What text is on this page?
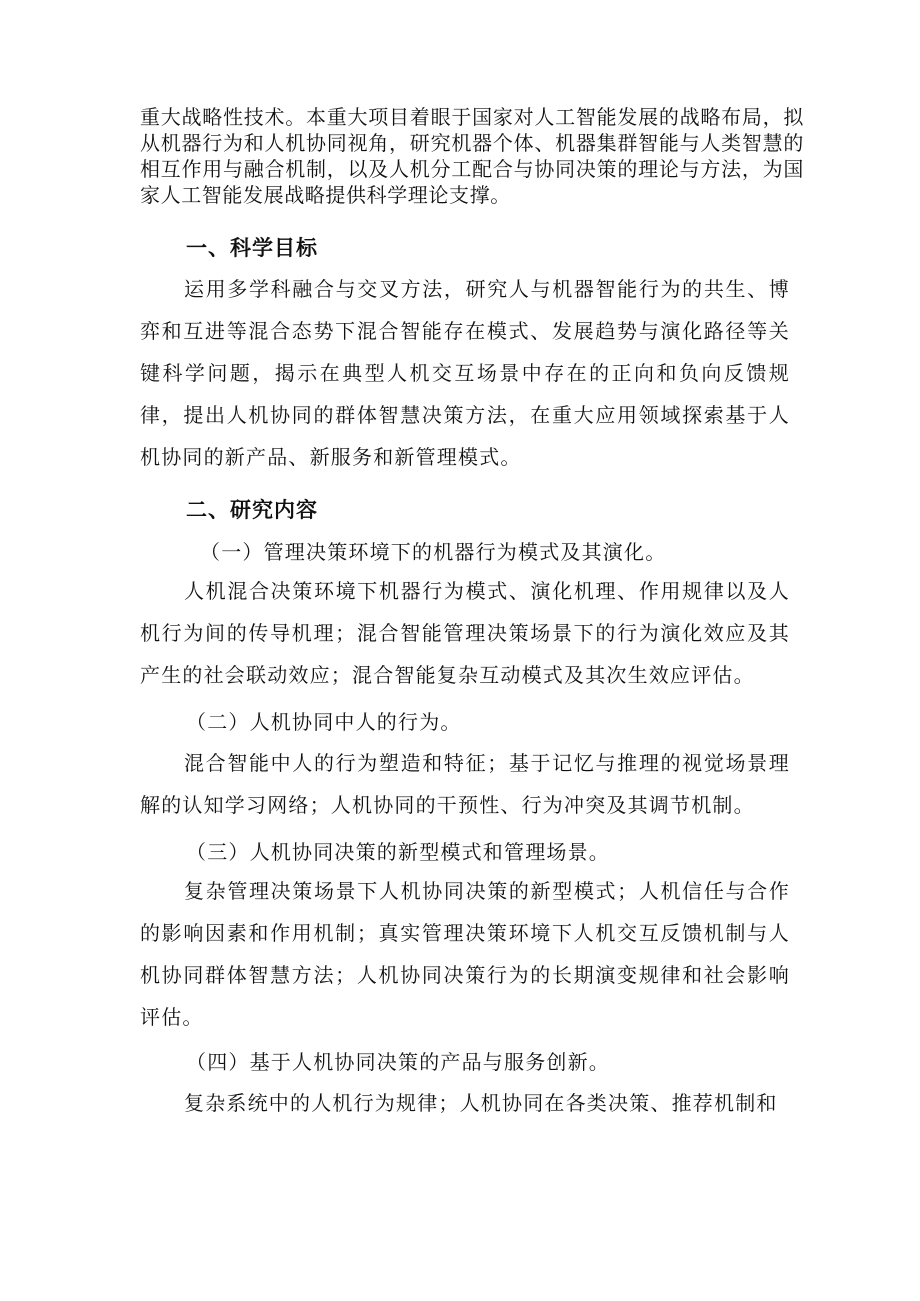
重大战略性技术。本重大项目着眼于国家对人工智能发展的战略布局，拟从机器行为和人机协同视角，研究机器个体、机器集群智能与人类智慧的相互作用与融合机制，以及人机分工配合与协同决策的理论与方法，为国家人工智能发展战略提供科学理论支撑。
一、科学目标
运用多学科融合与交叉方法，研究人与机器智能行为的共生、博弈和互进等混合态势下混合智能存在模式、发展趋势与演化路径等关键科学问题，揭示在典型人机交互场景中存在的正向和负向反馈规律，提出人机协同的群体智慧决策方法，在重大应用领域探索基于人机协同的新产品、新服务和新管理模式。
二、研究内容
（一）管理决策环境下的机器行为模式及其演化。
人机混合决策环境下机器行为模式、演化机理、作用规律以及人机行为间的传导机理；混合智能管理决策场景下的行为演化效应及其产生的社会联动效应；混合智能复杂互动模式及其次生效应评估。
（二）人机协同中人的行为。
混合智能中人的行为塑造和特征；基于记忆与推理的视觉场景理解的认知学习网络；人机协同的干预性、行为冲突及其调节机制。
（三）人机协同决策的新型模式和管理场景。
复杂管理决策场景下人机协同决策的新型模式；人机信任与合作的影响因素和作用机制；真实管理决策环境下人机交互反馈机制与人机协同群体智慧方法；人机协同决策行为的长期演变规律和社会影响评估。
（四）基于人机协同决策的产品与服务创新。
复杂系统中的人机行为规律；人机协同在各类决策、推荐机制和
